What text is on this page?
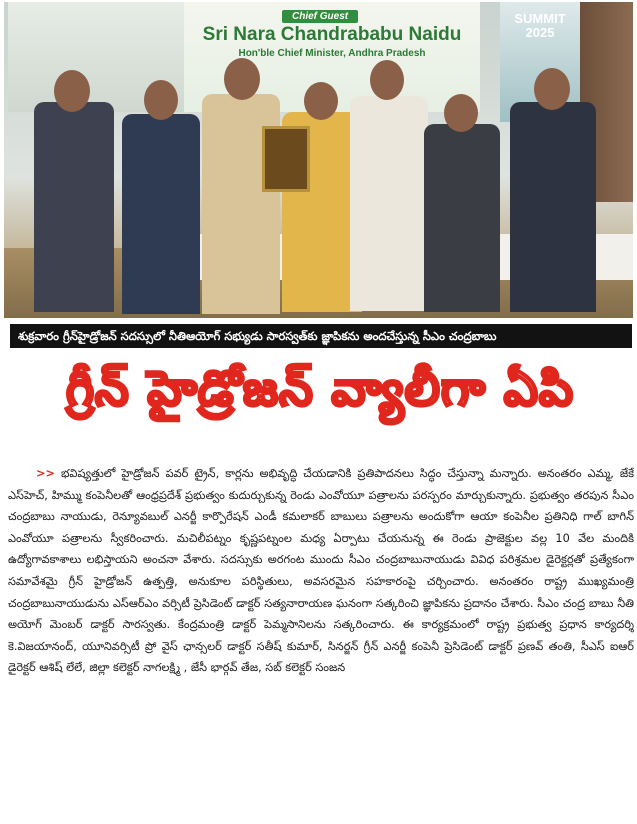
Chief Guest
Sri Nara Chandrababu Naidu
Hon'ble Chief Minister, Andhra Pradesh
SUMMIT
2025
శుక్రవారం గ్రీన్‌హైడ్రోజన్ సదస్సులో నీతిఆయోగ్ సభ్యుడు సారస్వత్‌కు జ్ఞాపికను అందచేస్తున్న సీఎం చంద్రబాబు
గ్రీన్ హైడ్రోజన్ వ్యాలీగా ఏపి
>> భవిష్యత్తులో హైడ్రోజన్ పవర్ ట్రైన్, కార్లను అభివృద్ధి చేయడానికి ప్రతిపాదనలు సిద్ధం చేస్తున్నా మన్నారు. అనంతరం ఎమ్మ, జేకే ఎస్‌హెచ్, హిమ్ము కంపెనీలతో ఆంధ్రప్రదేశ్ ప్రభుత్వం కుదుర్చుకున్న రెండు ఎంవోయూ పత్రాలను పరస్పరం మార్చుకున్నారు. ప్రభుత్వం తరపున సీఎం చంద్రబాబు నాయుడు, రెన్యూవబుల్ ఎనర్జీ కార్పొరేషన్ ఎండీ కమలాకర్ బాబులు పత్రాలను అందుకోగా ఆయా కంపెనీల ప్రతినిధి గాల్ బాగిన్ ఎంవోయూ పత్రాలను స్వీకరించారు. మచిలీపట్నం కృష్ణపట్నంల మధ్య ఏర్పాటు చేయనున్న ఈ రెండు ప్రాజెక్టుల వల్ల 10 వేల మందికి ఉద్యోగావకాశాలు లభిస్తాయని అంచనా వేశారు. సదస్సుకు అరగంట ముందు సీఎం చంద్రబాబునాయుడు వివిధ పరిశ్రమల డైరెక్టర్లతో ప్రత్యేకంగా సమావేశమై గ్రీన్ హైడ్రోజన్ ఉత్పత్తి, అనుకూల పరిస్థితులు, అవసరమైన సహకారంపై చర్చించారు. అనంతరం రాష్ట్ర ముఖ్యమంత్రి చంద్రబాబునాయుడును ఎస్ఆర్ఎం వర్సిటీ ప్రెసిడెంట్ డాక్టర్ సత్యనారాయణ ఘనంగా సత్కరించి జ్ఞాపికను ప్రదానం చేశారు. సీఎం చంద్ర బాబు నీతి అయోగ్ మెంబర్ డాక్టర్ సారస్వతు. కేంద్రమంత్రి డాక్టర్ పెమ్మసానిలను సత్కరించారు. ఈ కార్యక్రమంలో రాష్ట్ర ప్రభుత్వ ప్రధాన కార్యదర్శి కె.విజయానంద్, యూనివర్సిటీ ప్రో వైస్ ఛాన్సలర్ డాక్టర్ సతీష్ కుమార్, సినర్జన్ గ్రీన్ ఎనర్జీ కంపెనీ ప్రెసిడెంట్ డాక్టర్ ప్రణవ్ తంతి, సీఎస్ ఐఆర్ డైరెక్టర్ ఆశిష్ లేలే, జిల్లా కలెక్టర్ నాగలక్ష్మి , జేసీ భార్గవ్ తేజ, సబ్ కలెక్టర్ సంజన
